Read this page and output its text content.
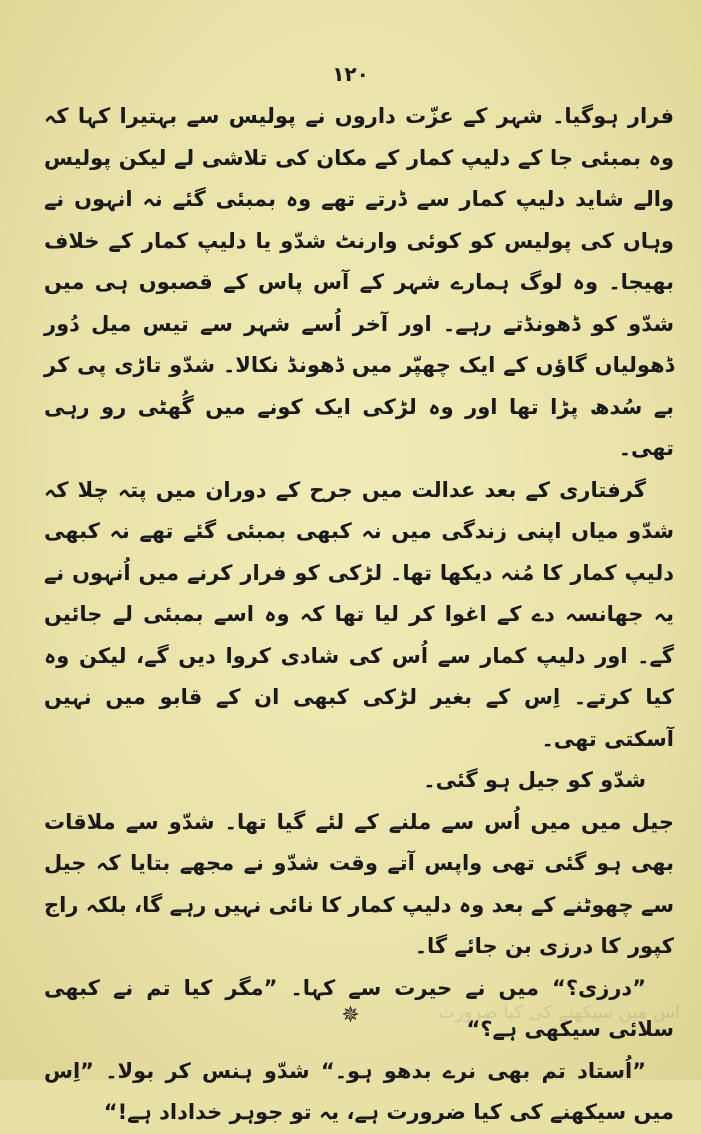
١٢٠

فرار ہوگیا۔ شہر کے عزّت داروں نے پولیس سے بہتیرا کہا کہ وہ بمبئی جا کے دلیپ کمار کے مکان کی تلاشی لے لیکن پولیس والے شاید دلیپ کمار سے ڈرتے تھے وہ بمبئی گئے نہ انہوں نے وہاں کی پولیس کو کوئی وارنٹ شدّو یا دلیپ کمار کے خلاف بھیجا۔ وہ لوگ ہمارے شہر کے آس پاس کے قصبوں ہی میں شدّو کو ڈھونڈتے رہے۔ اور آخر اُسے شہر سے تیس میل دُور ڈھولیاں گاؤں کے ایک چھپّر میں ڈھونڈ نکالا۔ شدّو تاڑی پی کر بے سُدھ پڑا تھا اور وہ لڑکی ایک کونے میں گُھٹی رو رہی تھی۔

گرفتاری کے بعد عدالت میں جرح کے دوران میں پتہ چلا کہ شدّو میاں اپنی زندگی میں نہ کبھی بمبئی گئے تھے نہ کبھی دلیپ کمار کا مُنہ دیکھا تھا۔ لڑکی کو فرار کرنے میں اُنہوں نے یہ جھانسہ دے کے اغوا کر لیا تھا کہ وہ اسے بمبئی لے جائیں گے۔ اور دلیپ کمار سے اُس کی شادی کروا دیں گے، لیکن وہ کیا کرتے۔ اِس کے بغیر لڑکی کبھی ان کے قابو میں نہیں آسکتی تھی۔

شدّو کو جیل ہو گئی۔

جیل میں میں اُس سے ملنے کے لئے گیا تھا۔ شدّو سے ملاقات بھی ہو گئی تھی واپس آتے وقت شدّو نے مجھے بتایا کہ جیل سے چھوٹنے کے بعد وہ دلیپ کمار کا نائی نہیں رہے گا، بلکہ راج کپور کا درزی بن جائے گا۔

”درزی؟“ میں نے حیرت سے کہا۔ ”مگر کیا تم نے کبھی سلائی سیکھی ہے؟“

”اُستاد تم بھی نرے بدھو ہو۔“ شدّو ہنس کر بولا۔ ”اِس میں سیکھنے کی کیا ضرورت ہے، یہ تو جوہر خداداد ہے!“

اس میں سیکھنے کی کیا ضرورت
✵
